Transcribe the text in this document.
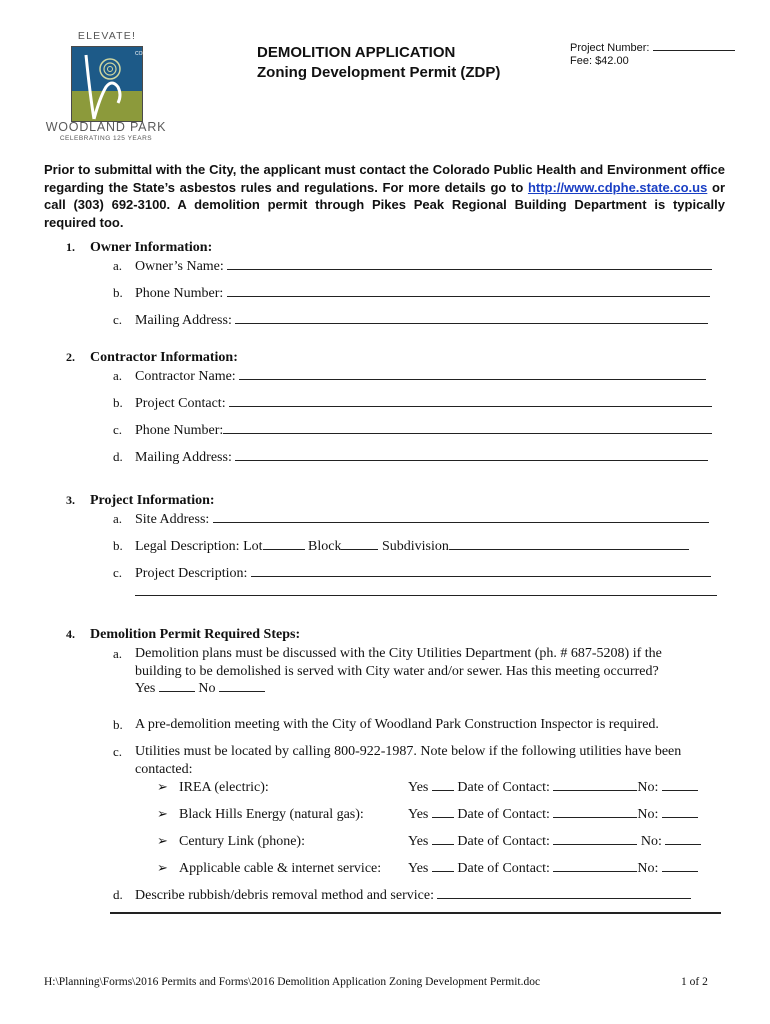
ELEVATE!
COLORADO
WOODLAND PARK
CELEBRATING 125 YEARS
DEMOLITION APPLICATION
Zoning Development Permit (ZDP)
Project Number:
Fee: $42.00
Prior to submittal with the City, the applicant must contact the Colorado Public Health and Environment office regarding the State’s asbestos rules and regulations. For more details go to http://www.cdphe.state.co.us or call (303) 692-3100. A demolition permit through Pikes Peak Regional Building Department is typically required too.
1. Owner Information:
a. Owner’s Name:
b. Phone Number:
c. Mailing Address:
2. Contractor Information:
a. Contractor Name:
b. Project Contact:
c. Phone Number:
d. Mailing Address:
3. Project Information:
a. Site Address:
b. Legal Description: Lot	Block	Subdivision
c. Project Description:
4. Demolition Permit Required Steps:
a. Demolition plans must be discussed with the City Utilities Department (ph. # 687-5208) if the building to be demolished is served with City water and/or sewer. Has this meeting occurred?
Yes	No
b. A pre-demolition meeting with the City of Woodland Park Construction Inspector is required.
c. Utilities must be located by calling 800-922-1987. Note below if the following utilities have been contacted:
➢ IREA (electric):	Yes Date of Contact:	No:
➢ Black Hills Energy (natural gas):	Yes Date of Contact:	No:
➢ Century Link (phone):	Yes Date of Contact:	No:
➢ Applicable cable & internet service: Yes Date of Contact:	No:
d. Describe rubbish/debris removal method and service:
H:\Planning\Forms\2016 Permits and Forms\2016 Demolition Application Zoning Development Permit.doc	1 of 2
